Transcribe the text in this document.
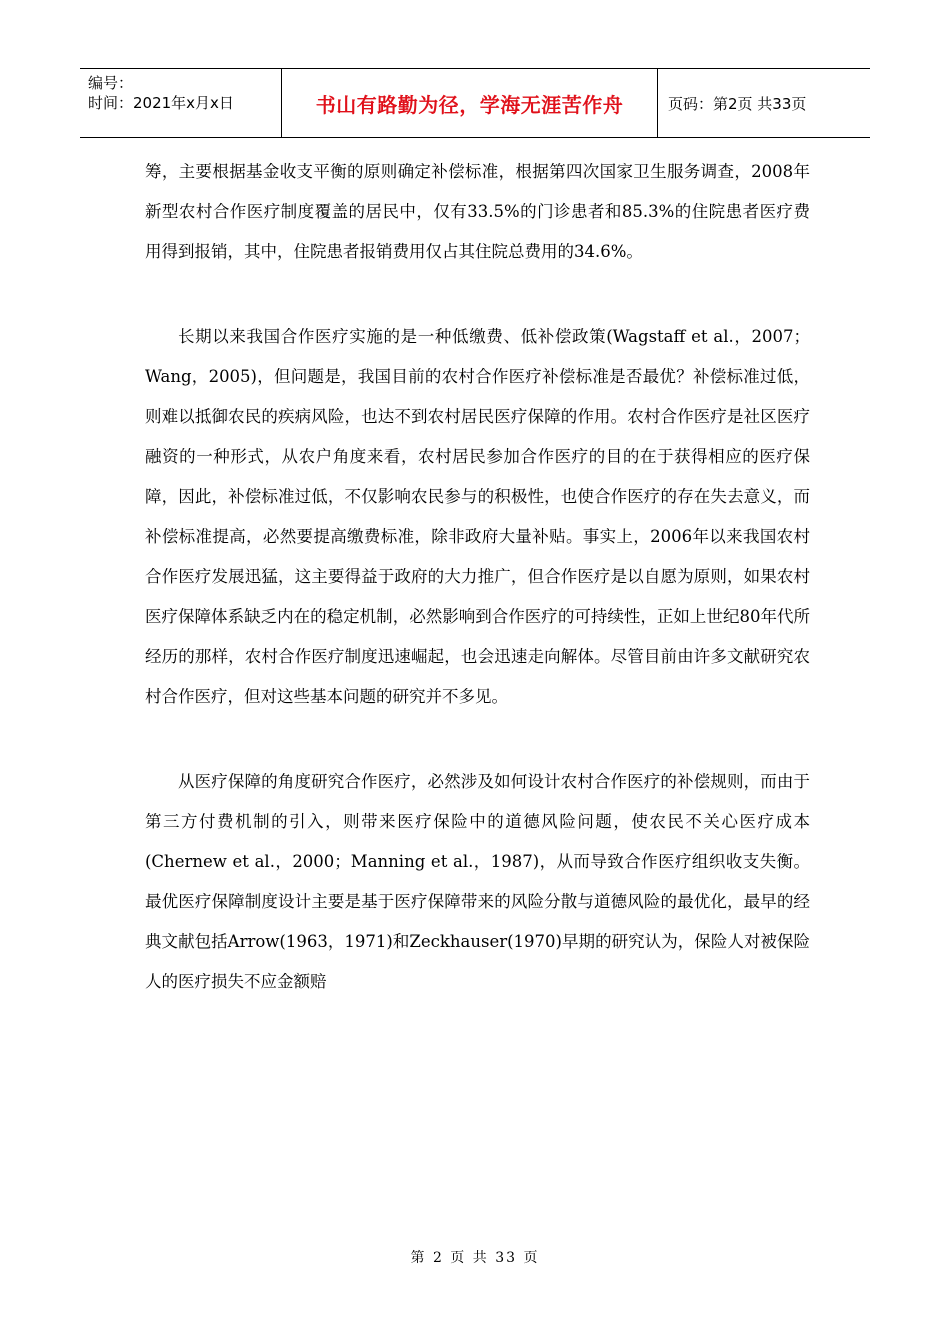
编号：
时间：2021年x月x日	书山有路勤为径，学海无涯苦作舟	页码：第2页 共33页

筹，主要根据基金收支平衡的原则确定补偿标准，根据第四次国家卫生服务调查，2008年新型农村合作医疗制度覆盖的居民中，仅有33.5%的门诊患者和85.3%的住院患者医疗费用得到报销，其中，住院患者报销费用仅占其住院总费用的34.6%。

长期以来我国合作医疗实施的是一种低缴费、低补偿政策(Wagstaff et al.，2007；Wang，2005)，但问题是，我国目前的农村合作医疗补偿标准是否最优？补偿标准过低，则难以抵御农民的疾病风险，也达不到农村居民医疗保障的作用。农村合作医疗是社区医疗融资的一种形式，从农户角度来看，农村居民参加合作医疗的目的在于获得相应的医疗保障，因此，补偿标准过低，不仅影响农民参与的积极性，也使合作医疗的存在失去意义，而补偿标准提高，必然要提高缴费标准，除非政府大量补贴。事实上，2006年以来我国农村合作医疗发展迅猛，这主要得益于政府的大力推广，但合作医疗是以自愿为原则，如果农村医疗保障体系缺乏内在的稳定机制，必然影响到合作医疗的可持续性，正如上世纪80年代所经历的那样，农村合作医疗制度迅速崛起，也会迅速走向解体。尽管目前由许多文献研究农村合作医疗，但对这些基本问题的研究并不多见。

从医疗保障的角度研究合作医疗，必然涉及如何设计农村合作医疗的补偿规则，而由于第三方付费机制的引入，则带来医疗保险中的道德风险问题，使农民不关心医疗成本(Chernew et al.，2000；Manning et al.，1987)，从而导致合作医疗组织收支失衡。最优医疗保障制度设计主要是基于医疗保障带来的风险分散与道德风险的最优化，最早的经典文献包括Arrow(1963，1971)和Zeckhauser(1970)早期的研究认为，保险人对被保险人的医疗损失不应金额赔

第 2 页 共 33 页
